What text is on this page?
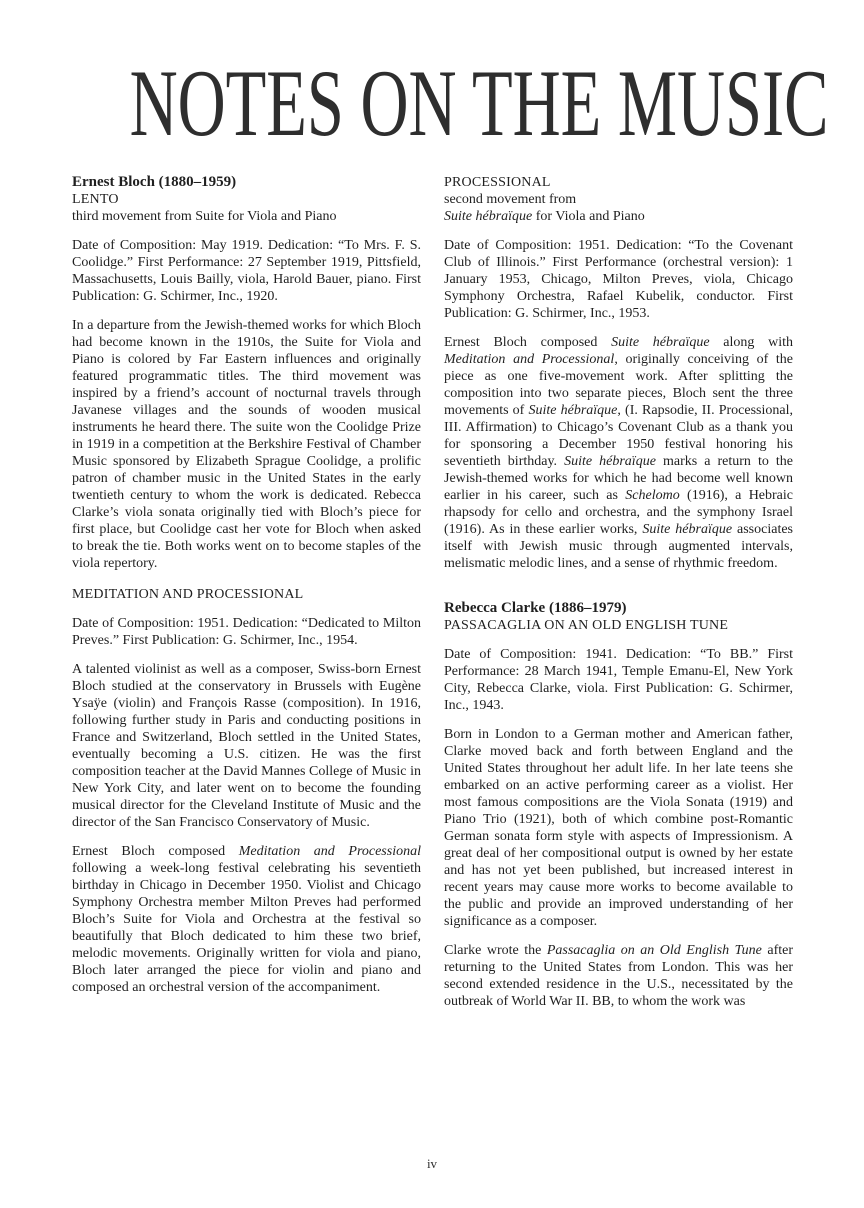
NOTES ON THE MUSIC
Ernest Bloch (1880–1959)
LENTO
third movement from Suite for Viola and Piano

Date of Composition: May 1919. Dedication: “To Mrs. F. S. Coolidge.” First Performance: 27 September 1919, Pittsfield, Massachusetts, Louis Bailly, viola, Harold Bauer, piano. First Publication: G. Schirmer, Inc., 1920.

In a departure from the Jewish-themed works for which Bloch had become known in the 1910s, the Suite for Viola and Piano is colored by Far Eastern influences and originally featured programmatic titles. The third movement was inspired by a friend’s account of nocturnal travels through Javanese villages and the sounds of wooden musical instruments he heard there. The suite won the Coolidge Prize in 1919 in a competition at the Berkshire Festival of Chamber Music sponsored by Elizabeth Sprague Coolidge, a prolific patron of chamber music in the United States in the early twentieth century to whom the work is dedicated. Rebecca Clarke’s viola sonata originally tied with Bloch’s piece for first place, but Coolidge cast her vote for Bloch when asked to break the tie. Both works went on to become staples of the viola repertory.

MEDITATION AND PROCESSIONAL

Date of Composition: 1951. Dedication: “Dedicated to Milton Preves.” First Publication: G. Schirmer, Inc., 1954.

A talented violinist as well as a composer, Swiss-born Ernest Bloch studied at the conservatory in Brussels with Eugène Ysaÿe (violin) and François Rasse (composition). In 1916, following further study in Paris and conducting positions in France and Switzerland, Bloch settled in the United States, eventually becoming a U.S. citizen. He was the first composition teacher at the David Mannes College of Music in New York City, and later went on to become the founding musical director for the Cleveland Institute of Music and the director of the San Francisco Conservatory of Music.

Ernest Bloch composed Meditation and Processional following a week-long festival celebrating his seventieth birthday in Chicago in December 1950. Violist and Chicago Symphony Orchestra member Milton Preves had performed Bloch’s Suite for Viola and Orchestra at the festival so beautifully that Bloch dedicated to him these two brief, melodic movements. Originally written for viola and piano, Bloch later arranged the piece for violin and piano and composed an orchestral version of the accompaniment.

PROCESSIONAL
second movement from
Suite hébraïque for Viola and Piano

Date of Composition: 1951. Dedication: “To the Covenant Club of Illinois.” First Performance (orchestral version): 1 January 1953, Chicago, Milton Preves, viola, Chicago Symphony Orchestra, Rafael Kubelik, conductor. First Publication: G. Schirmer, Inc., 1953.

Ernest Bloch composed Suite hébraïque along with Meditation and Processional, originally conceiving of the piece as one five-movement work. After splitting the composition into two separate pieces, Bloch sent the three movements of Suite hébraïque, (I. Rapsodie, II. Processional, III. Affirmation) to Chicago’s Covenant Club as a thank you for sponsoring a December 1950 festival honoring his seventieth birthday. Suite hébraïque marks a return to the Jewish-themed works for which he had become well known earlier in his career, such as Schelomo (1916), a Hebraic rhapsody for cello and orchestra, and the symphony Israel (1916). As in these earlier works, Suite hébraïque associates itself with Jewish music through augmented intervals, melismatic melodic lines, and a sense of rhythmic freedom.

Rebecca Clarke (1886–1979)
PASSACAGLIA ON AN OLD ENGLISH TUNE

Date of Composition: 1941. Dedication: “To BB.” First Performance: 28 March 1941, Temple Emanu-El, New York City, Rebecca Clarke, viola. First Publication: G. Schirmer, Inc., 1943.

Born in London to a German mother and American father, Clarke moved back and forth between England and the United States throughout her adult life. In her late teens she embarked on an active performing career as a violist. Her most famous compositions are the Viola Sonata (1919) and Piano Trio (1921), both of which combine post-Romantic German sonata form style with aspects of Impressionism. A great deal of her compositional output is owned by her estate and has not yet been published, but increased interest in recent years may cause more works to become available to the public and provide an improved understanding of her significance as a composer.

Clarke wrote the Passacaglia on an Old English Tune after returning to the United States from London. This was her second extended residence in the U.S., necessitated by the outbreak of World War II. BB, to whom the work was

iv
